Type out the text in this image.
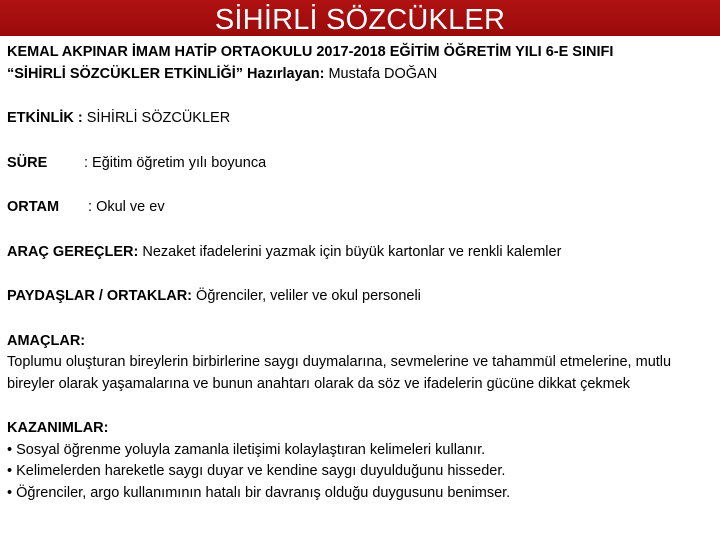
SİHİRLİ SÖZCÜKLER
KEMAL AKPINAR İMAM HATİP ORTAOKULU 2017-2018 EĞİTİM ÖĞRETİM YILI 6-E SINIFI
“SİHİRLİ SÖZCÜKLER ETKİNLİĞİ” Hazırlayan: Mustafa DOĞAN
ETKİNLİK : SİHİRLİ SÖZCÜKLER
SÜRE	: Eğitim öğretim yılı boyunca
ORTAM : Okul ve ev
ARAÇ GEREÇLER: Nezaket ifadelerini yazmak için büyük kartonlar ve renkli kalemler
PAYDAŞLAR / ORTAKLAR: Öğrenciler, veliler ve okul personeli
AMAÇLAR:
Toplumu oluşturan bireylerin birbirlerine saygı duymalarına, sevmelerine ve tahammül etmelerine, mutlu bireyler olarak yaşamalarına ve bunun anahtarı olarak da söz ve ifadelerin gücüne dikkat çekmek
KAZANIMLAR:
• Sosyal öğrenme yoluyla zamanla iletişimi kolaylaştıran kelimeleri kullanır.
• Kelimelerden hareketle saygı duyar ve kendine saygı duyulduğunu hisseder.
• Öğrenciler, argo kullanımının hatalı bir davranış olduğu duygusunu benimser.
